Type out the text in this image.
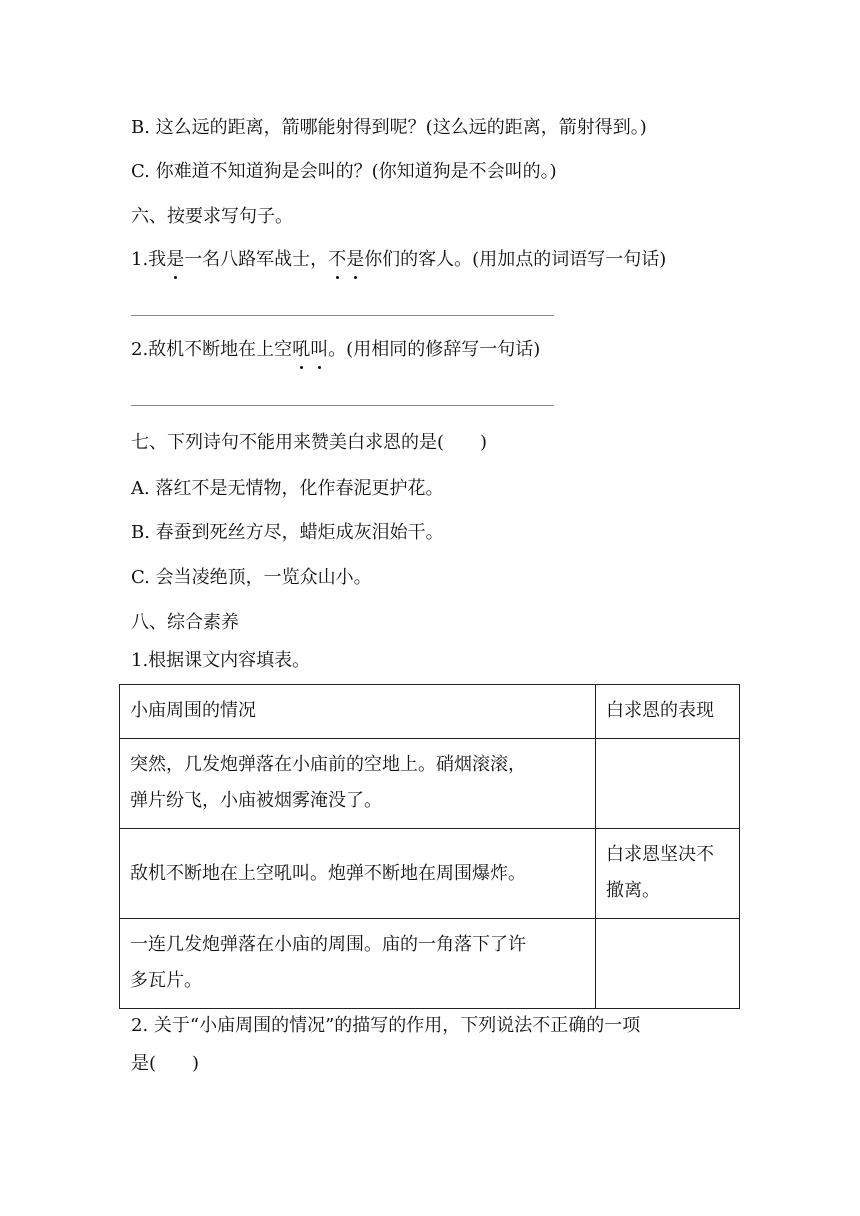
B. 这么远的距离，箭哪能射得到呢？(这么远的距离，箭射得到。)
C. 你难道不知道狗是会叫的？(你知道狗是不会叫的。)
六、按要求写句子。
1.我是一名八路军战士，不是你们的客人。(用加点的词语写一句话)
2.敌机不断地在上空吼叫。(用相同的修辞写一句话)
七、下列诗句不能用来赞美白求恩的是(　　)
A. 落红不是无情物，化作春泥更护花。
B. 春蚕到死丝方尽，蜡炬成灰泪始干。
C. 会当凌绝顶，一览众山小。
八、综合素养
1.根据课文内容填表。
小庙周围的情况	白求恩的表现

突然，几发炮弹落在小庙前的空地上。硝烟滚滚，
弹片纷飞，小庙被烟雾淹没了。	

敌机不断地在上空吼叫。炮弹不断地在周围爆炸。	白求恩坚决不
撤离。

一连几发炮弹落在小庙的周围。庙的一角落下了许
多瓦片。	

2. 关于“小庙周围的情况”的描写的作用，下列说法不正确的一项
是(　　)
